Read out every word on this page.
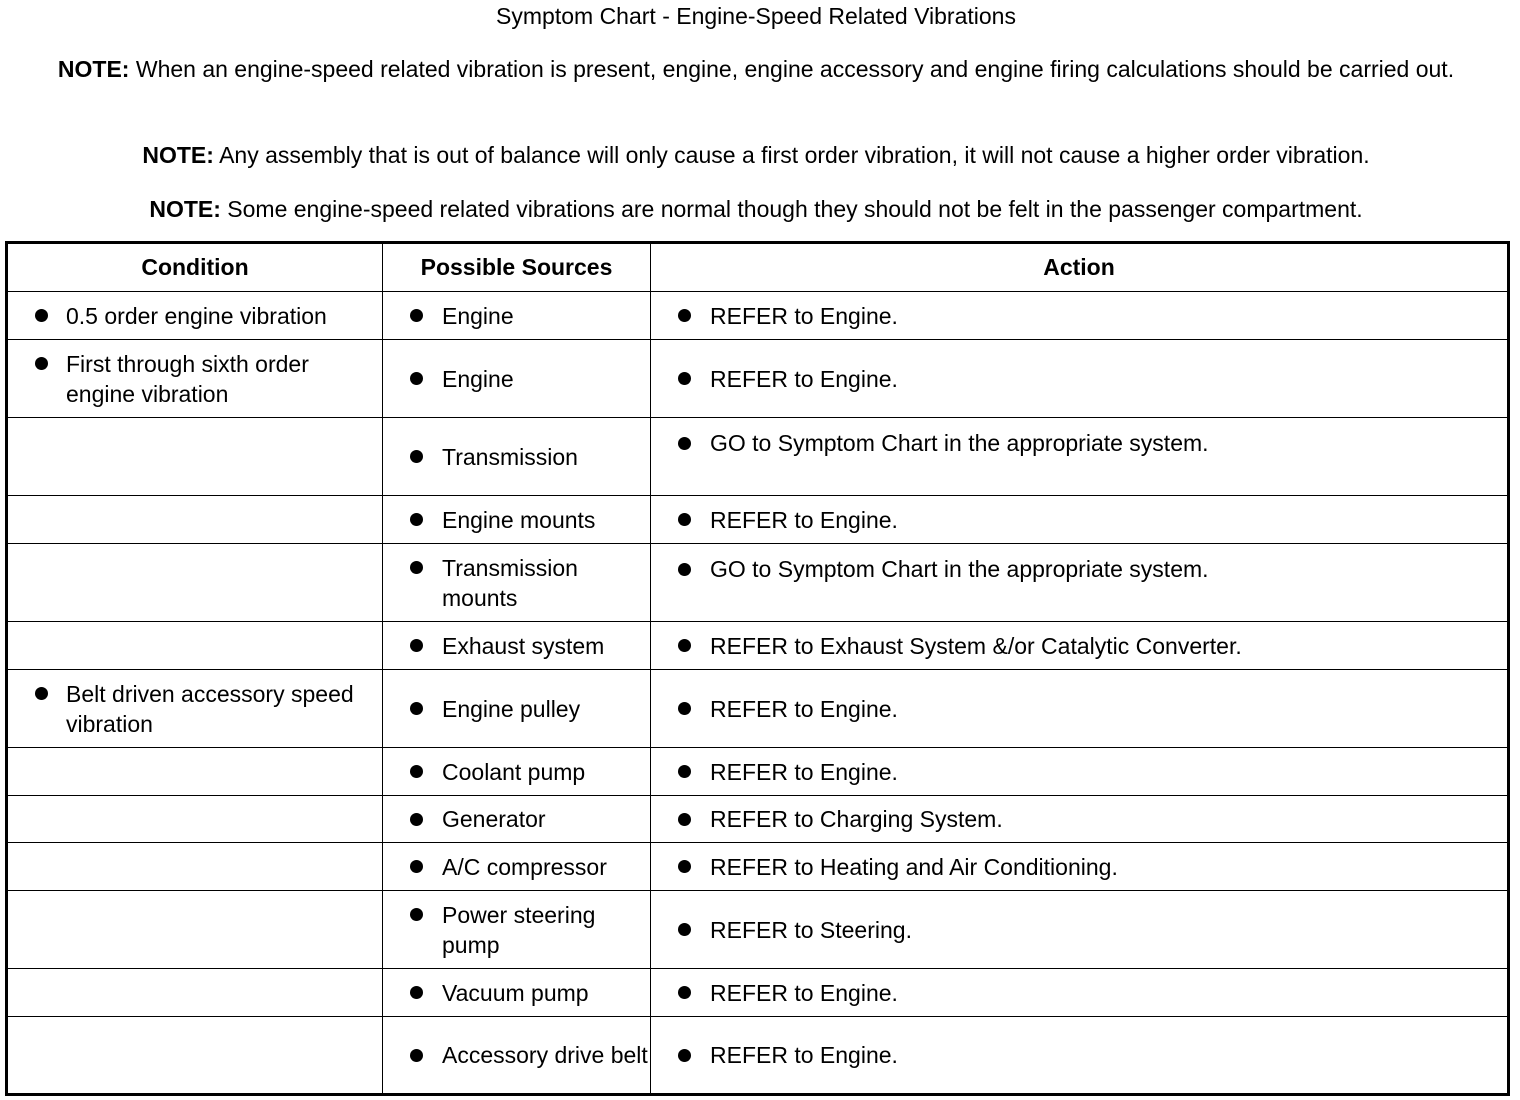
Symptom Chart - Engine-Speed Related Vibrations
NOTE: When an engine-speed related vibration is present, engine, engine accessory and engine firing calculations should be carried out.
NOTE: Any assembly that is out of balance will only cause a first order vibration, it will not cause a higher order vibration.
NOTE: Some engine-speed related vibrations are normal though they should not be felt in the passenger compartment.
Condition	Possible Sources	Action

0.5 order engine vibration	Engine	REFER to Engine.

First through sixth order engine vibration	Engine	REFER to Engine.

	Transmission	GO to Symptom Chart in the appropriate system.

	Engine mounts	REFER to Engine.

	Transmission mounts	GO to Symptom Chart in the appropriate system.

	Exhaust system	REFER to Exhaust System &/or Catalytic Converter.

Belt driven accessory speed vibration	Engine pulley	REFER to Engine.

	Coolant pump	REFER to Engine.

	Generator	REFER to Charging System.

	A/C compressor	REFER to Heating and Air Conditioning.

	Power steering pump	REFER to Steering.

	Vacuum pump	REFER to Engine.

	Accessory drive belt	REFER to Engine.
